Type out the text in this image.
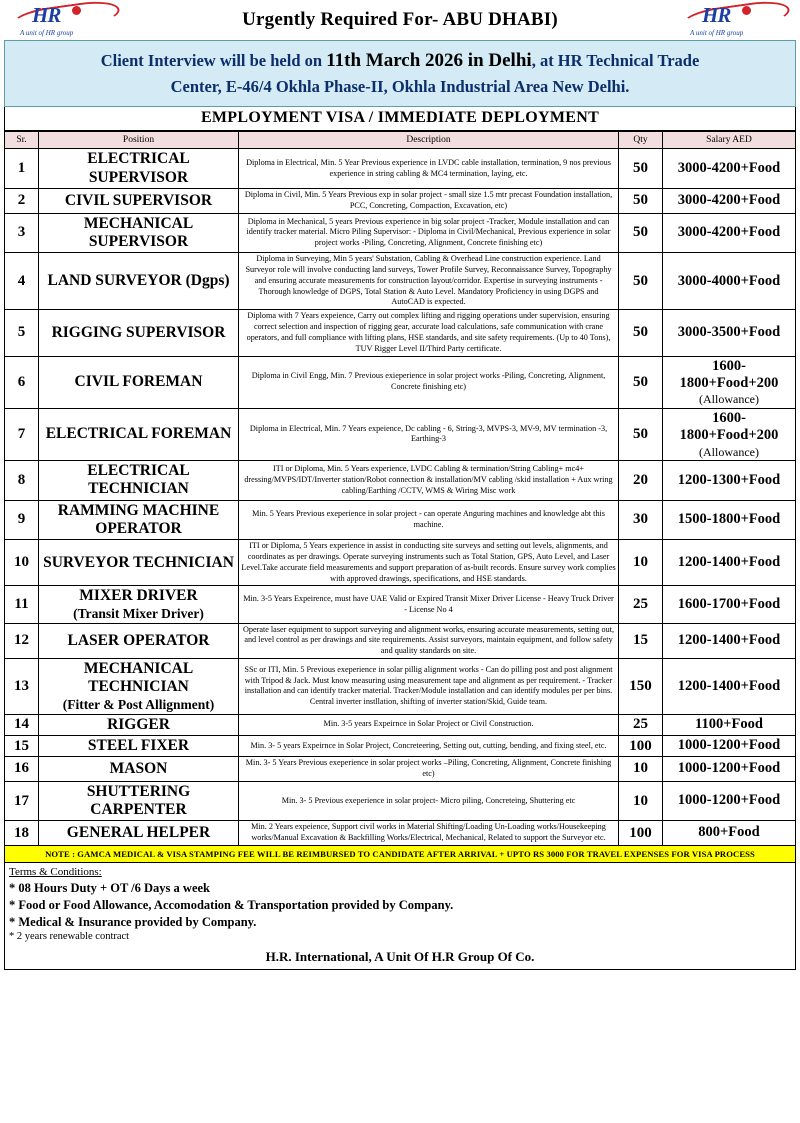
HR
A unit of HR group
Urgently Required For- ABU DHABI)	HR
A unit of HR group
Client Interview will be held on 11th March 2026 in Delhi, at HR Technical Trade
Center, E-46/4 Okhla Phase-II, Okhla Industrial Area New Delhi.
EMPLOYMENT VISA / IMMEDIATE DEPLOYMENT
Sr.	Position	Description	Qty	Salary AED
1	ELECTRICAL SUPERVISOR	Diploma in Electrical, Min. 5 Year Previous experience in LVDC cable installation, termination, 9 nos previous experience in string cabling & MC4 termination, laying, etc.	50	3000-4200+Food

2	CIVIL SUPERVISOR	Diploma in Civil, Min. 5 Years Previous exp in solar project - small size 1.5 mtr precast Foundation installation, PCC, Concreting, Compaction, Excavation, etc)	50	3000-4200+Food

3	MECHANICAL SUPERVISOR	Diploma in Mechanical, 5 years Previous experience in big solar project -Tracker, Module installation and can identify tracker material. Micro Piling Supervisor: - Diploma in Civil/Mechanical, Previous experience in solar project works -Piling, Concreting, Alignment, Concrete finishing etc)	50	3000-4200+Food

4	LAND SURVEYOR (Dgps)	Diploma in Surveying, Min 5 years' Substation, Cabling & Overhead Line construction experience. Land Surveyor role will involve conducting land surveys, Tower Profile Survey, Reconnaissance Survey, Topography and ensuring accurate measurements for construction layout/corridor. Expertise in surveying instruments - Thorough knowledge of DGPS, Total Station & Auto Level. Mandatory Proficiency in using DGPS and AutoCAD is expected.	50	3000-4000+Food

5	RIGGING SUPERVISOR	Diploma with 7 Years expeience, Carry out complex lifting and rigging operations under supervision, ensuring correct selection and inspection of rigging gear, accurate load calculations, safe communication with crane operators, and full compliance with lifting plans, HSE standards, and site safety requirements. (Up to 40 Tons), TUV Rigger Level II/Third Party certificate.	50	3000-3500+Food

6	CIVIL FOREMAN	Diploma in Civil Engg, Min. 7 Previous exieperience in solar project works -Piling, Concreting, Alignment, Concrete finishing etc)	50	1600-1800+Food+200
(Allowance)

7	ELECTRICAL FOREMAN	Diploma in Electrical, Min. 7 Years expeience, Dc cabling - 6, String-3, MVPS-3, MV-9, MV termination -3, Earthing-3	50	1600-1800+Food+200
(Allowance)

8	ELECTRICAL TECHNICIAN	ITI or Diploma, Min. 5 Years experience, LVDC Cabling & termination/String Cabling+ mc4+ dressing/MVPS/IDT/Inverter station/Robot connection & installation/MV cabling /skid installation + Aux wring cabling/Earthing /CCTV, WMS & Wiring Misc work	20	1200-1300+Food

9	RAMMING MACHINE OPERATOR	Min. 5 Years Previous exeperience in solar project - can operate Anguring machines and knowledge abt this machine.	30	1500-1800+Food

10	SURVEYOR TECHNICIAN	ITI or Diploma, 5 Years experience in assist in conducting site surveys and setting out levels, alignments, and coordinates as per drawings. Operate surveying instruments such as Total Station, GPS, Auto Level, and Laser Level.Take accurate field measurements and support preparation of as-built records. Ensure survey work complies with approved drawings, specifications, and HSE standards.	10	1200-1400+Food

11	MIXER DRIVER
(Transit Mixer Driver)	Min. 3-5 Years Expeirence, must have UAE Valid or Expired Transit Mixer Driver License - Heavy Truck Driver - License No 4	25	1600-1700+Food

12	LASER OPERATOR	Operate laser equipment to support surveying and alignment works, ensuring accurate measurements, setting out, and level control as per drawings and site requirements. Assist surveyors, maintain equipment, and follow safety and quality standards on site.	15	1200-1400+Food

13	MECHANICAL TECHNICIAN
(Fitter & Post Allignment)	SSc or ITI, Min. 5 Previous exeperience in solar pillig alignment works - Can do pilling post and post alignment with Tripod & Jack. Must know measuring using measurement tape and alignment as per requirement. - Tracker installation and can identify tracker material. Tracker/Module installation and can identify modules per per bins. Central inverter instllation, shifting of inverter station/Skid, Guide team.	150	1200-1400+Food

14	RIGGER	Min. 3-5 years Expeirnce in Solar Project or Civil Construction.	25	1100+Food

15	STEEL FIXER	Min. 3- 5 years Expeirnce in Solar Project, Concreteering, Setting out, cutting, bending, and fixing steel, etc.	100	1000-1200+Food

16	MASON	Min. 3- 5 Years Previous exeperience in solar project works –Piling, Concreting, Alignment, Concrete finishing etc)	10	1000-1200+Food

17	SHUTTERING CARPENTER	Min. 3- 5 Previous exeperience in solar project- Micro piling, Concreteing, Shuttering etc	10	1000-1200+Food

18	GENERAL HELPER	Min. 2 Years expeience, Support civil works in Material Shifting/Loading Un-Loading works/Housekeeping works/Manual Excavation & Backfilling Works/Electrical, Mechanical, Related to support the Surveyor etc.	100	800+Food
NOTE : GAMCA MEDICAL & VISA STAMPING FEE WILL BE REIMBURSED TO CANDIDATE AFTER ARRIVAL + UPTO RS 3000 FOR TRAVEL EXPENSES FOR VISA PROCESS
Terms & Conditions:
* 08 Hours Duty + OT /6 Days a week
* Food or Food Allowance, Accomodation & Transportation provided by Company.
* Medical & Insurance provided by Company.
* 2 years renewable contract
H.R. International, A Unit Of H.R Group Of Co.
